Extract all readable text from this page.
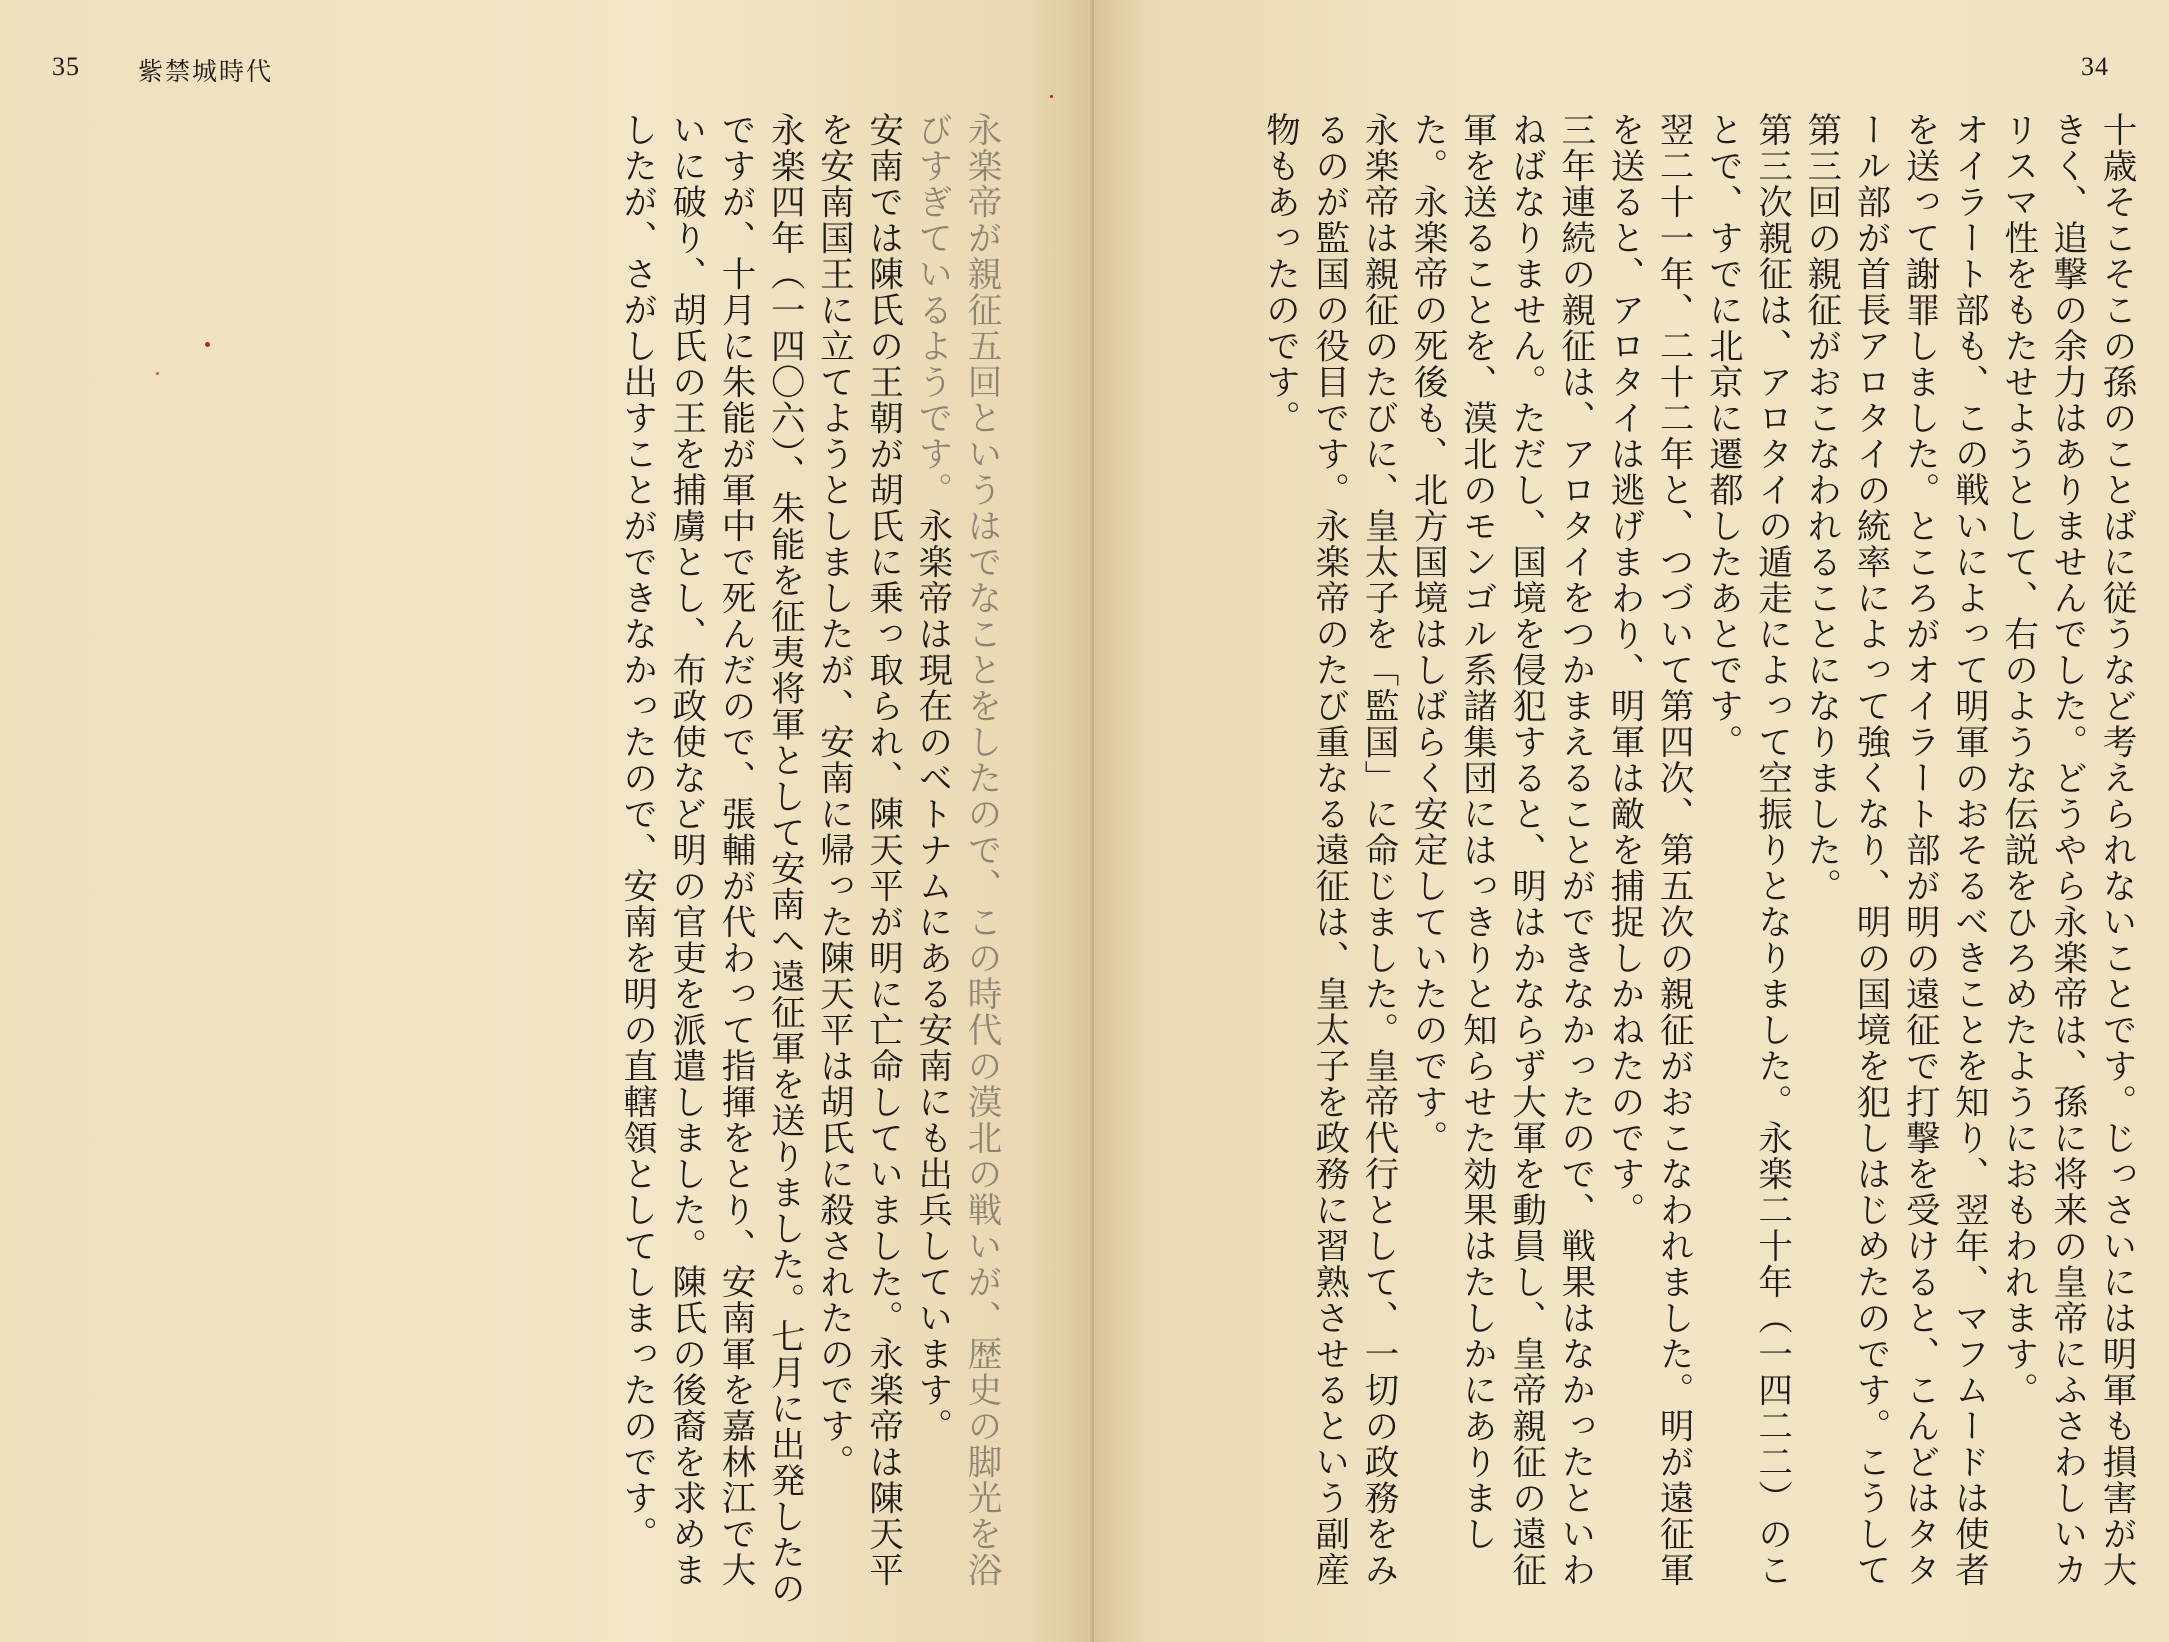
35 紫禁城時代

永楽帝が親征五回というはでなことをしたので、この時代の漠北の戦いが、歴史の脚光を浴びすぎているようです。永楽帝は現在のベトナムにある安南にも出兵しています。

安南では陳氏の王朝が胡氏に乗っ取られ、陳天平が明に亡命していました。永楽帝は陳天平を安南国王に立てようとしましたが、安南に帰った陳天平は胡氏に殺されたのです。

永楽四年（一四〇六）、朱能を征夷将軍として安南へ遠征軍を送りました。七月に出発したのですが、十月に朱能が軍中で死んだので、張輔が代わって指揮をとり、安南軍を嘉林江で大いに破り、胡氏の王を捕虜とし、布政使など明の官吏を派遣しました。陳氏の後裔を求めましたが、さがし出すことができなかったので、安南を明の直轄領としてしまったのです。

34

十歳そこそこの孫のことばに従うなど考えられないことです。じっさいには明軍も損害が大きく、追撃の余力はありませんでした。どうやら永楽帝は、孫に将来の皇帝にふさわしいカリスマ性をもたせようとして、右のような伝説をひろめたようにおもわれます。

オイラート部も、この戦いによって明軍のおそるべきことを知り、翌年、マフムードは使者を送って謝罪しました。ところがオイラート部が明の遠征で打撃を受けると、こんどはタタール部が首長アロタイの統率によって強くなり、明の国境を犯しはじめたのです。こうして第三回の親征がおこなわれることになりました。

第三次親征は、アロタイの遁走によって空振りとなりました。永楽二十年（一四二二）のことで、すでに北京に遷都したあとです。

翌二十一年、二十二年と、つづいて第四次、第五次の親征がおこなわれました。明が遠征軍を送ると、アロタイは逃げまわり、明軍は敵を捕捉しかねたのです。

三年連続の親征は、アロタイをつかまえることができなかったので、戦果はなかったといわねばなりません。ただし、国境を侵犯すると、明はかならず大軍を動員し、皇帝親征の遠征軍を送ることを、漠北のモンゴル系諸集団にはっきりと知らせた効果はたしかにありました。永楽帝の死後も、北方国境はしばらく安定していたのです。

永楽帝は親征のたびに、皇太子を「監国」に命じました。皇帝代行として、一切の政務をみるのが監国の役目です。永楽帝のたび重なる遠征は、皇太子を政務に習熟させるという副産物もあったのです。
